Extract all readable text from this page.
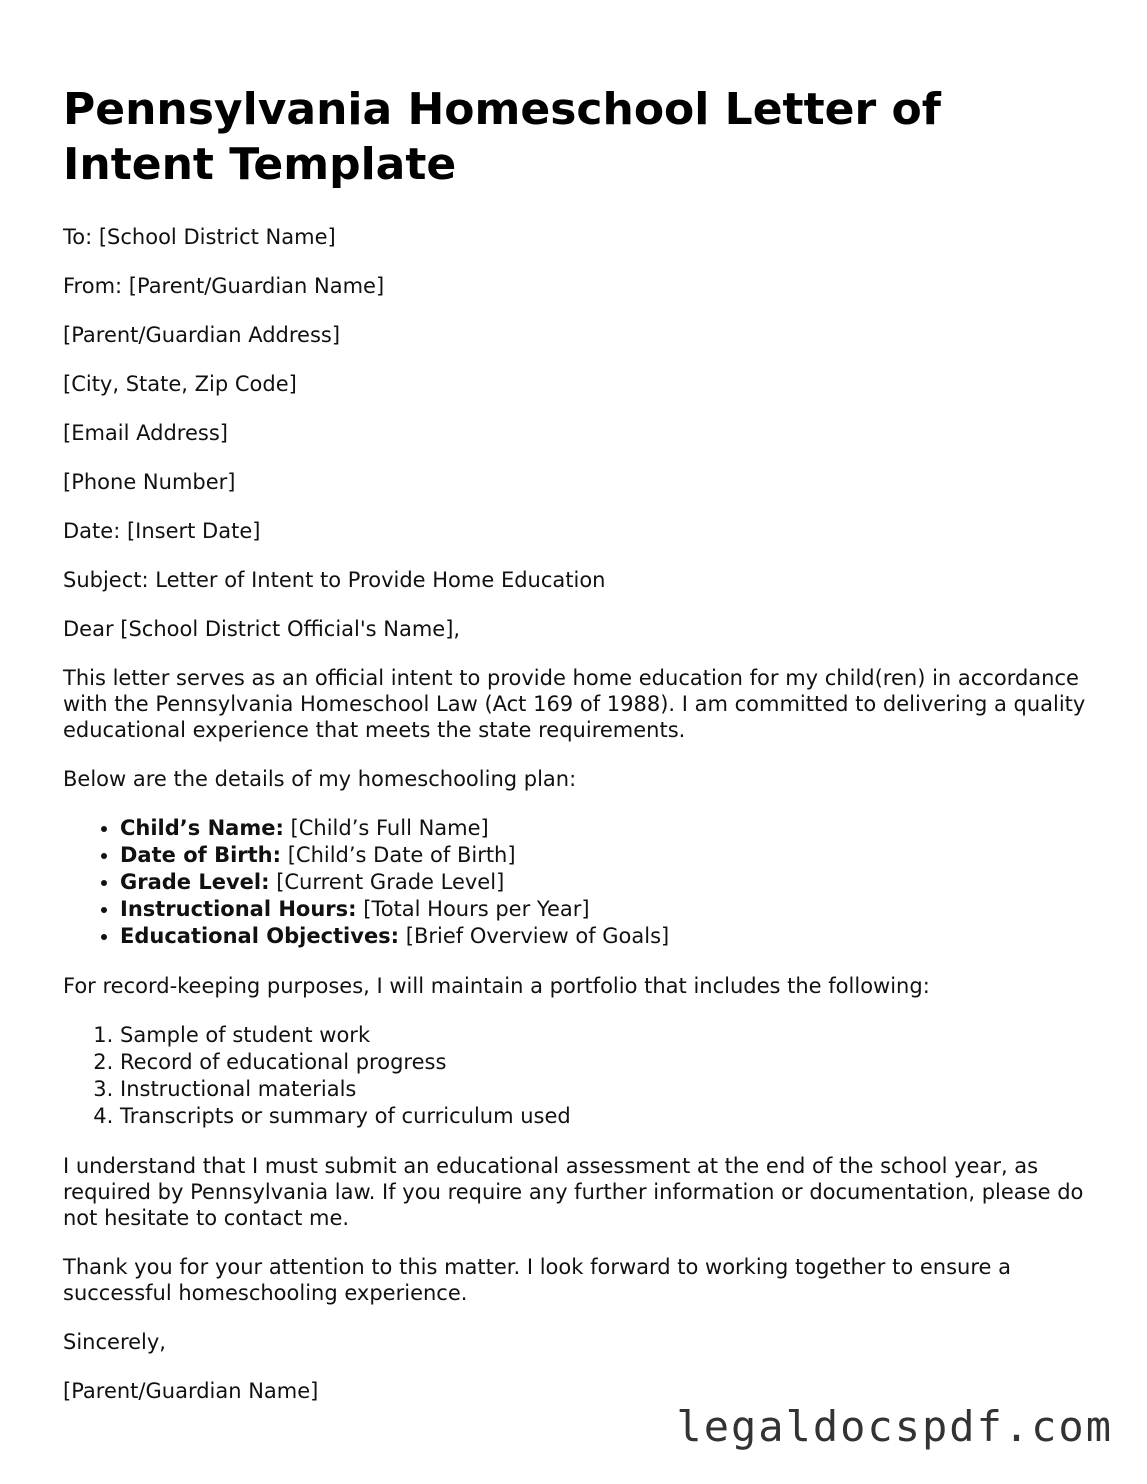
Pennsylvania Homeschool Letter of Intent Template

To: [School District Name]

From: [Parent/Guardian Name]

[Parent/Guardian Address]

[City, State, Zip Code]

[Email Address]

[Phone Number]

Date: [Insert Date]

Subject: Letter of Intent to Provide Home Education

Dear [School District Official's Name],

This letter serves as an official intent to provide home education for my child(ren) in accordance with the Pennsylvania Homeschool Law (Act 169 of 1988). I am committed to delivering a quality educational experience that meets the state requirements.

Below are the details of my homeschooling plan:

• Child’s Name: [Child’s Full Name]
• Date of Birth: [Child’s Date of Birth]
• Grade Level: [Current Grade Level]
• Instructional Hours: [Total Hours per Year]
• Educational Objectives: [Brief Overview of Goals]

For record-keeping purposes, I will maintain a portfolio that includes the following:

1. Sample of student work
2. Record of educational progress
3. Instructional materials
4. Transcripts or summary of curriculum used

I understand that I must submit an educational assessment at the end of the school year, as required by Pennsylvania law. If you require any further information or documentation, please do not hesitate to contact me.

Thank you for your attention to this matter. I look forward to working together to ensure a successful homeschooling experience.

Sincerely,

[Parent/Guardian Name]

legaldocspdf.com
